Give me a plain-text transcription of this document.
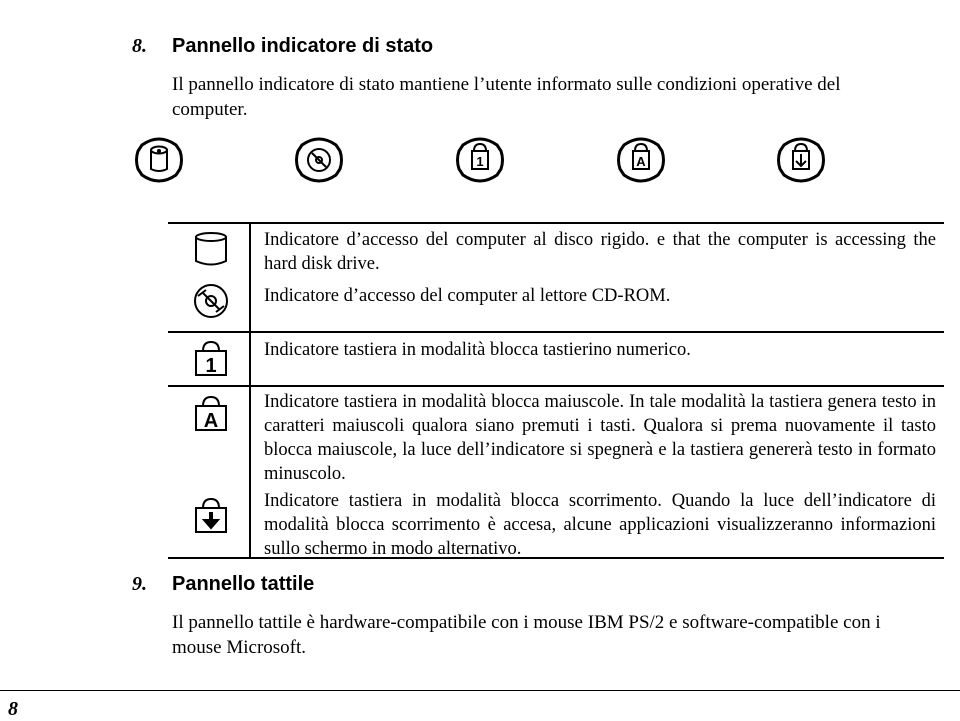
8. Pannello indicatore di stato
Il pannello indicatore di stato mantiene l’utente informato sulle condizioni operative del computer.
1	A
Indicatore d’accesso del computer al disco rigido. e that the computer is accessing the hard disk drive.
Indicatore d’accesso del computer al lettore CD-ROM.
1
Indicatore tastiera in modalità blocca tastierino numerico.
A
Indicatore tastiera in modalità blocca maiuscole. In tale modalità la tastiera genera testo in caratteri maiuscoli qualora siano premuti i tasti. Qualora si prema nuovamente il tasto blocca maiuscole, la luce dell’indicatore si spegnerà e la tastiera genererà testo in formato minuscolo.
Indicatore tastiera in modalità blocca scorrimento. Quando la luce dell’indicatore di modalità blocca scorrimento è accesa, alcune applicazioni visualizzeranno informazioni sullo schermo in modo alternativo.
9. Pannello tattile
Il pannello tattile è hardware-compatibile con i mouse IBM PS/2 e software-compatible con i mouse Microsoft.
8
